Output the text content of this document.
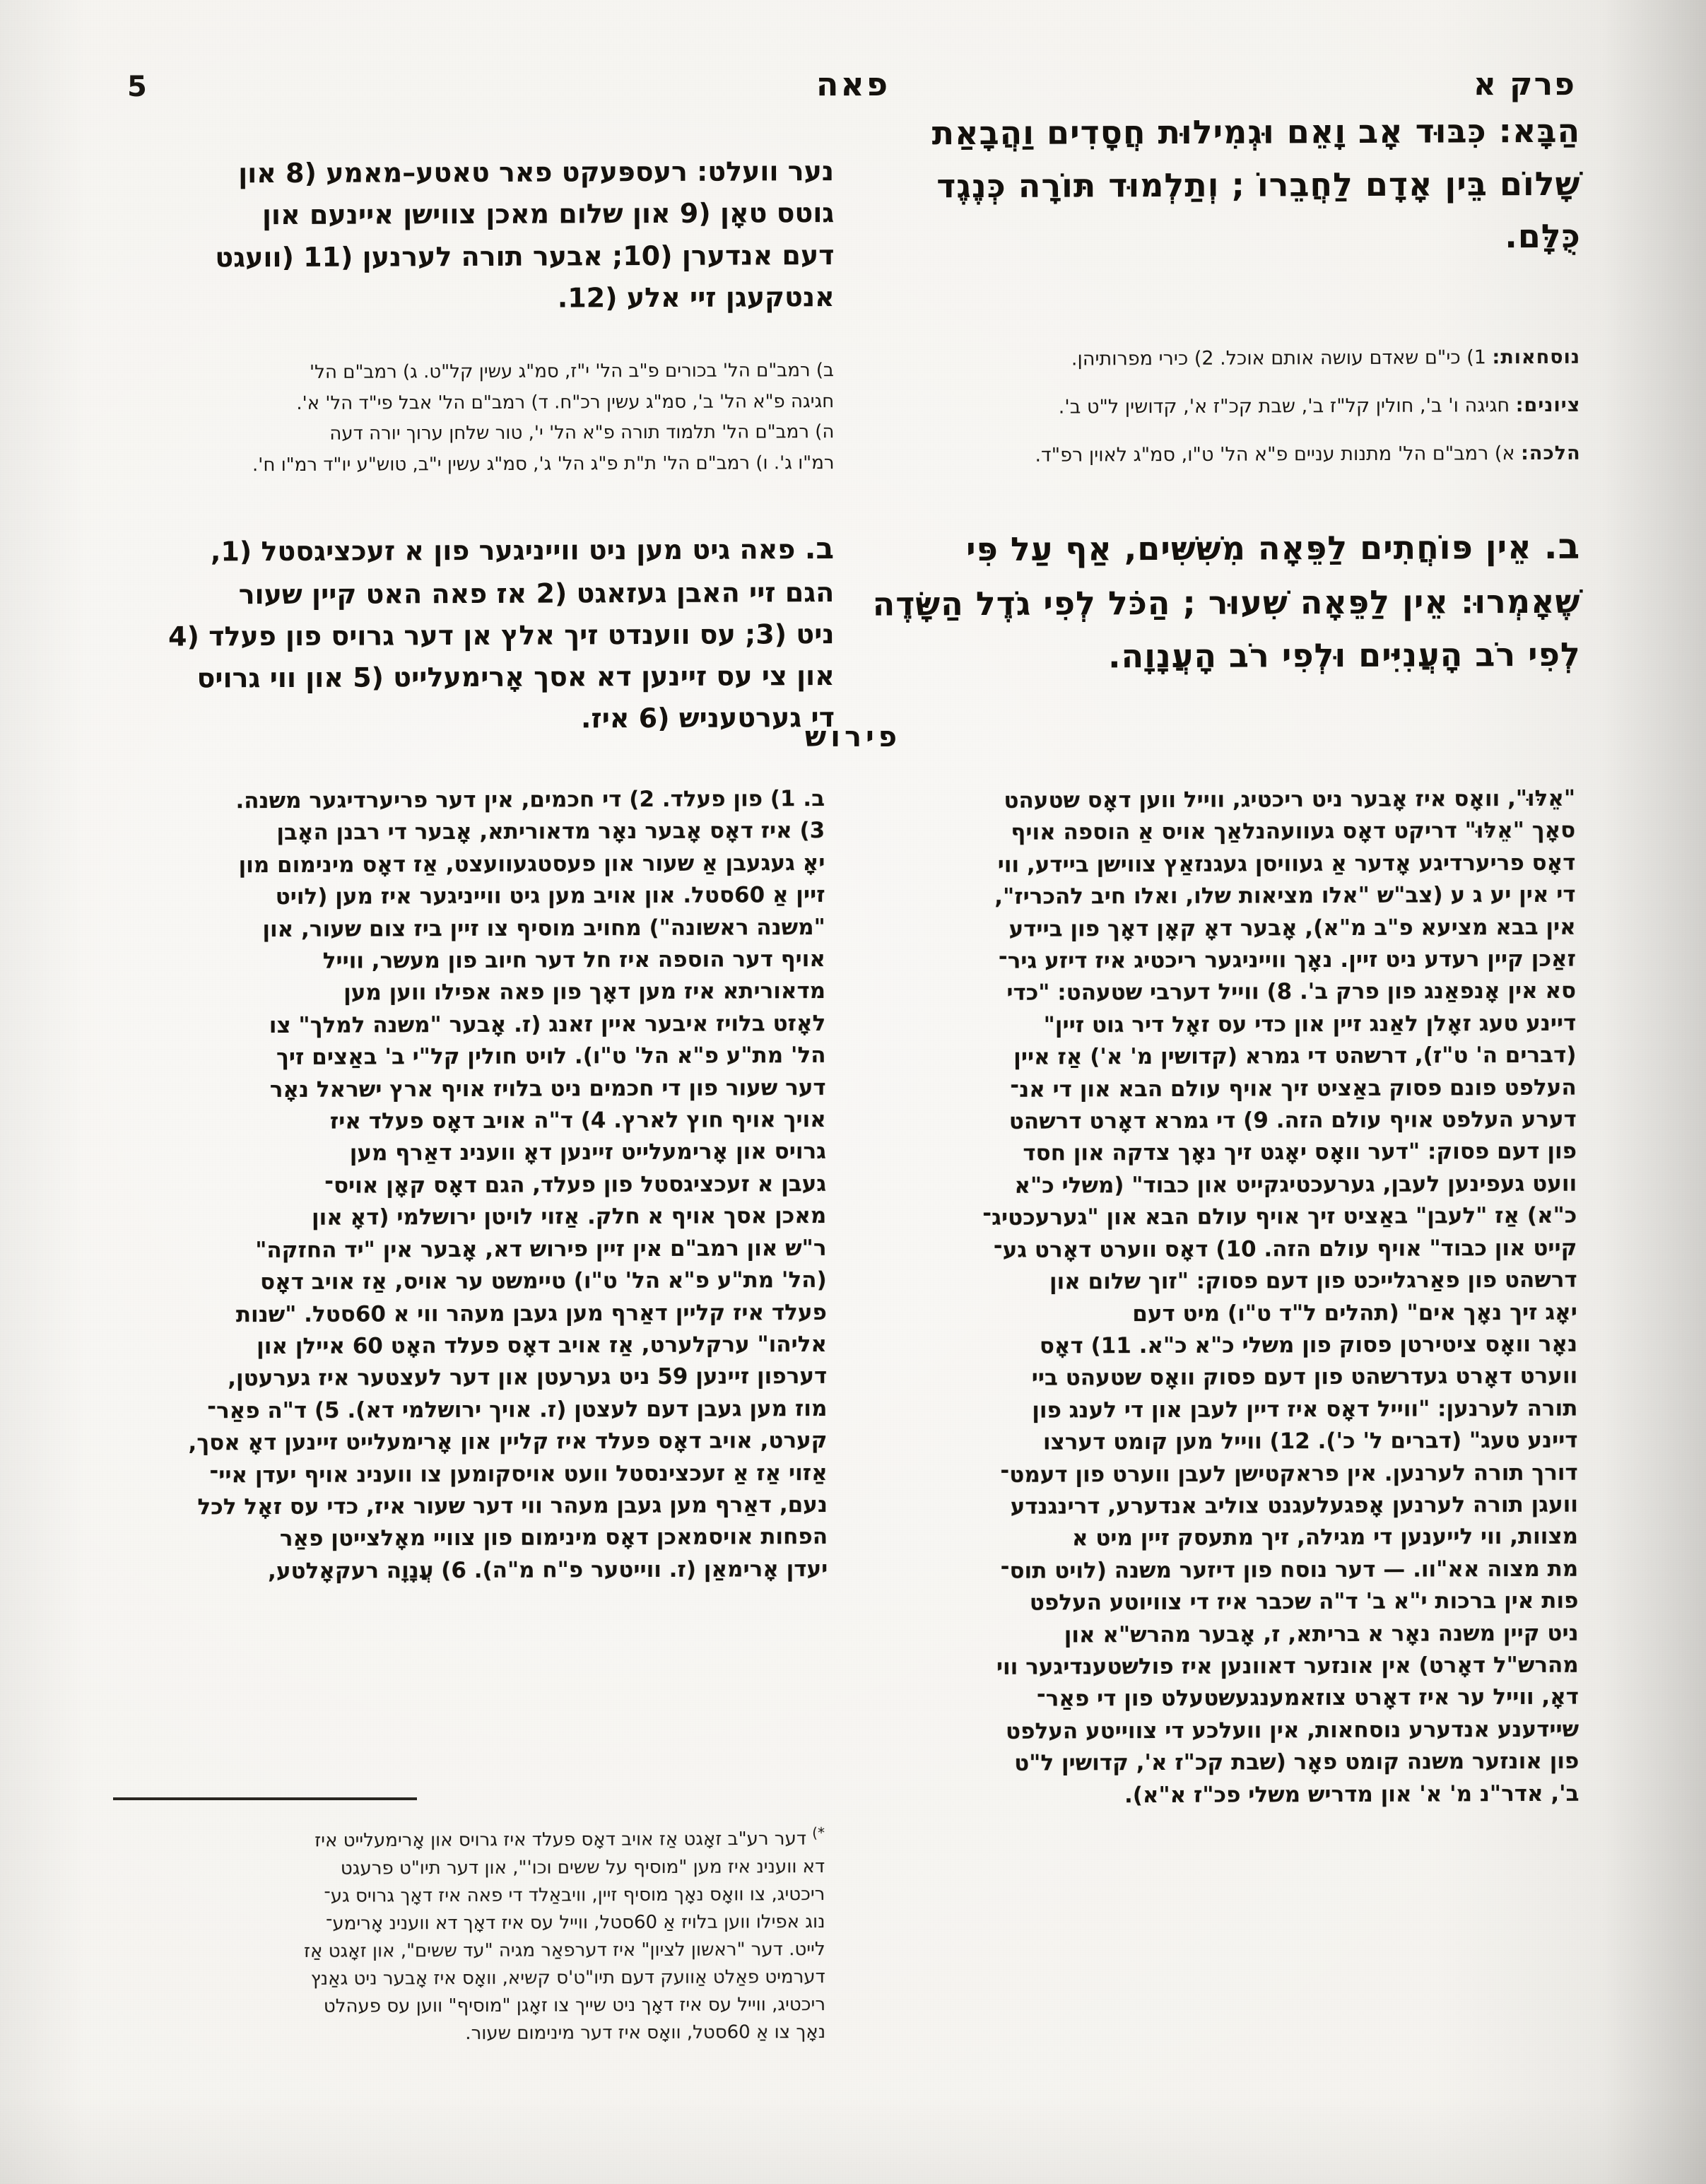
5	פאה	פרק א
הַבָּא: כִּבּוּד אָב וָאֵם וּגְמִילוּת חֲסָדִים וַהֲבָאַת
שָׁלוֹם בֵּין אָדָם לַחֲבֵרוֹ ; וְתַלְמוּד תּוֹרָה כְּנֶגֶד
כֻּלָּם.
נוסחאות: 1) כי"ם שאדם עושה אותם אוכל. 2) כירי מפרותיהן.
ציונים: חגיגה ו' ב', חולין קל"ז ב', שבת קכ"ז א', קדושין ל"ט ב'.
הלכה: א) רמב"ם הל' מתנות עניים פ"א הל' ט"ו, סמ"ג לאוין רפ"ד.
ב. אֵין פּוֹחֲתִים לַפֵּאָה מִשִּׁשִּׁים, אַף עַל פִּי
שֶׁאָמְרוּ: אֵין לַפֵּאָה שִׁעוּר ; הַכֹּל לְפִי גֹדֶל הַשָּׂדֶה
לְפִי רֹב הָעֲנִיִּים וּלְפִי רֹב הָעֲנָוָה.
נער וועלט: רעספּעקט פאר טאטע–מאמע (8 און
גוטס טאָן (9 און שלום מאכן צווישן איינעם און
דעם אנדערן (10; אבער תורה לערנען (11 (וועגט
אנטקעגן זיי אלע (12.
ב) רמב"ם הל' בכורים פ"ב הל' י"ז, סמ"ג עשין קל"ט. ג) רמב"ם הל'
חגיגה פ"א הל' ב', סמ"ג עשין רכ"ח. ד) רמב"ם הל' אבל פי"ד הל' א'.
ה) רמב"ם הל' תלמוד תורה פ"א הל' י', טור שלחן ערוך יורה דעה
רמ"ו ג'. ו) רמב"ם הל' ת"ת פ"ג הל' ג', סמ"ג עשין י"ב, טוש"ע יו"ד רמ"ו ח'.
ב. פאה גיט מען ניט ווייניגער פון א זעכציגסטל (1,
הגם זיי האבן געזאגט (2 אז פאה האט קיין שעור
ניט (3; עס ווענדט זיך אלץ אן דער גרויס פון פעלד (4
און צי עס זיינען דא אסך אָרימעלייט (5 און ווי גרויס
די גערטעניש (6 איז.
פירוש
"אֵלּוּ", וואָס איז אָבער ניט ריכטיג, ווייל ווען דאָס שטעהט
סאָך "אֵלּוּ" דריקט דאָס געוועהנלאַך אויס אַ הוספה אויף
דאָס פריערדיגע אָדער אַ געוויסן געגנזאַץ צווישן ביידע, ווי
די אין יע ג ע (צב"ש "אלו מציאות שלו, ואלו חיב להכריז",
אין בבא מציעא פ"ב מ"א), אָבער דאָ קאָן דאָך פון ביידע
זאַכן קיין רעדע ניט זיין. נאָך ווייניגער ריכטיג איז דיזע גיר־
סא אין אָנפאַנג פון פרק ב'. 8) ווייל דערבי שטעהט: "כדי
דיינע טעג זאָלן לאַנג זיין און כדי עס זאָל דיר גוט זיין"
(דברים ה' ט"ז), דרשהט די גמרא (קדושין מ' א') אַז איין
העלפט פונם פסוק באַציט זיך אויף עולם הבא און די אנ־
דערע העלפט אויף עולם הזה. 9) די גמרא דאָרט דרשהט
פון דעם פסוק: "דער וואָס יאָגט זיך נאָך צדקה און חסד
וועט געפינען לעבן, גערעכטיגקייט און כבוד" (משלי כ"א
כ"א) אַז "לעבן" באַציט זיך אויף עולם הבא און "גערעכטיג־
קייט און כבוד" אויף עולם הזה. 10) דאָס ווערט דאָרט גע־
דרשהט פון פאַרגלייכט פון דעם פסוק: "זוך שלום און
יאָג זיך נאָך אים" (תהלים ל"ד ט"ו) מיט דעם
נאָר וואָס ציטירטן פסוק פון משלי כ"א כ"א. 11) דאָס
ווערט דאָרט געדרשהט פון דעם פסוק וואָס שטעהט ביי
תורה לערנען: "ווייל דאָס איז דיין לעבן און די לענג פון
דיינע טעג" (דברים ל' כ'). 12) ווייל מען קומט דערצו
דורך תורה לערנען. אין פראקטישן לעבן ווערט פון דעמט־
וועגן תורה לערנען אָפגעלעגנט צוליב אנדערע, דרינגנדע
מצוות, ווי לייענען די מגילה, זיך מתעסק זיין מיט א
מת מצוה אא"וו. — דער נוסח פון דיזער משנה (לויט תוס־
פות אין ברכות י"א ב' ד"ה שכבר איז די צוויוטע העלפט
ניט קיין משנה נאָר א בריתא, ז, אָבער מהרש"א און
מהרש"ל דאָרט) אין אונזער דאוונען איז פולשטענדיגער ווי
דאָ, ווייל ער איז דאָרט צוזאמענגעשטעלט פון די פאַר־
שיידענע אנדערע נוסחאות, אין וועלכע די צווייטע העלפט
פון אונזער משנה קומט פאָר (שבת קכ"ז א', קדושין ל"ט
ב', אדר"נ מ' א' און מדריש משלי פכ"ז א"א).
ב. 1) פון פעלד. 2) די חכמים, אין דער פריערדיגער משנה.
3) איז דאָס אָבער נאָר מדאוריתא, אָבער די רבנן האָבן
יאָ געגעבן אַ שעור און פעסטגעוועצט, אַז דאָס מינימום מון
זיין אַ 60סטל. און אויב מען גיט ווייניגער איז מען (לויט
"משנה ראשונה") מחויב מוסיף צו זיין ביז צום שעור, און
אויף דער הוספה איז חל דער חיוב פון מעשר, ווייל
מדאוריתא איז מען דאָך פון פאה אפילו ווען מען
לאָזט בלויז איבער איין זאנג (ז. אָבער "משנה למלך" צו
הל' מת"ע פ"א הל' ט"ו). לויט חולין קל"י ב' באַצים זיך
דער שעור פון די חכמים ניט בלויז אויף ארץ ישראל נאָר
אויך אויף חוץ לארץ. 4) ד"ה אויב דאָס פעלד איז
גרויס און אָרימעלייט זיינען דאָ ווענינ דאַרף מען
געבן א זעכציגסטל פון פעלד, הגם דאָס קאָן אויס־
מאכן אסך אויף א חלק. אַזוי לויטן ירושלמי (דאָ און
ר"ש און רמב"ם אין זיין פירוש דא, אָבער אין "יד החזקה"
(הל' מת"ע פ"א הל' ט"ו) טיימשט ער אויס, אַז אויב דאָס
פעלד איז קליין דאַרף מען געבן מעהר ווי א 60סטל. "שנות
אליהו" ערקלערט, אַז אויב דאָס פעלד האָט 60 איילן און
דערפון זיינען 59 ניט גערעטן און דער לעצטער איז גערעטן,
מוז מען געבן דעם לעצטן (ז. אויך ירושלמי דא). 5) ד"ה פאַר־
קערט, אויב דאָס פעלד איז קליין און אָרימעלייט זיינען דאָ אסך,
אַזוי אַז אַ זעכצינסטל וועט אויסקומען צו ווענינ אויף יעדן איי־
נעם, דאַרף מען געבן מעהר ווי דער שעור איז, כדי עס זאָל לכל
הפחות אויסמאכן דאָס מינימום פון צוויי מאָלצייטן פאַר
יעדן אָרימאַן (ז. ווייטער פ"ח מ"ה). 6) עֲנָוָה רעקאָלטע,
*) דער רע"ב זאָגט אַז אויב דאָס פעלד איז גרויס און אָרימעלייט איז
דא ווענינ איז מען "מוסיף על ששים וכו'", און דער תיו"ט פרעגט
ריכטיג, צו וואָס נאָך מוסיף זיין, וויבאַלד די פאה איז דאָך גרויס גע־
נוג אפילו ווען בלויז אַ 60סטל, ווייל עס איז דאָך דא ווענינ אָרימע־
לייט. דער "ראשון לציון" איז דערפאַר מגיה "עד ששים", און זאָגט אַז
דערמיט פאַלט אַוועק דעם תיו"ט'ס קשיא, וואָס איז אָבער ניט גאַנץ
ריכטיג, ווייל עס איז דאָך ניט שייך צו זאָגן "מוסיף" ווען עס פעהלט
נאָך צו אַ 60סטל, וואָס איז דער מינימום שעור.
